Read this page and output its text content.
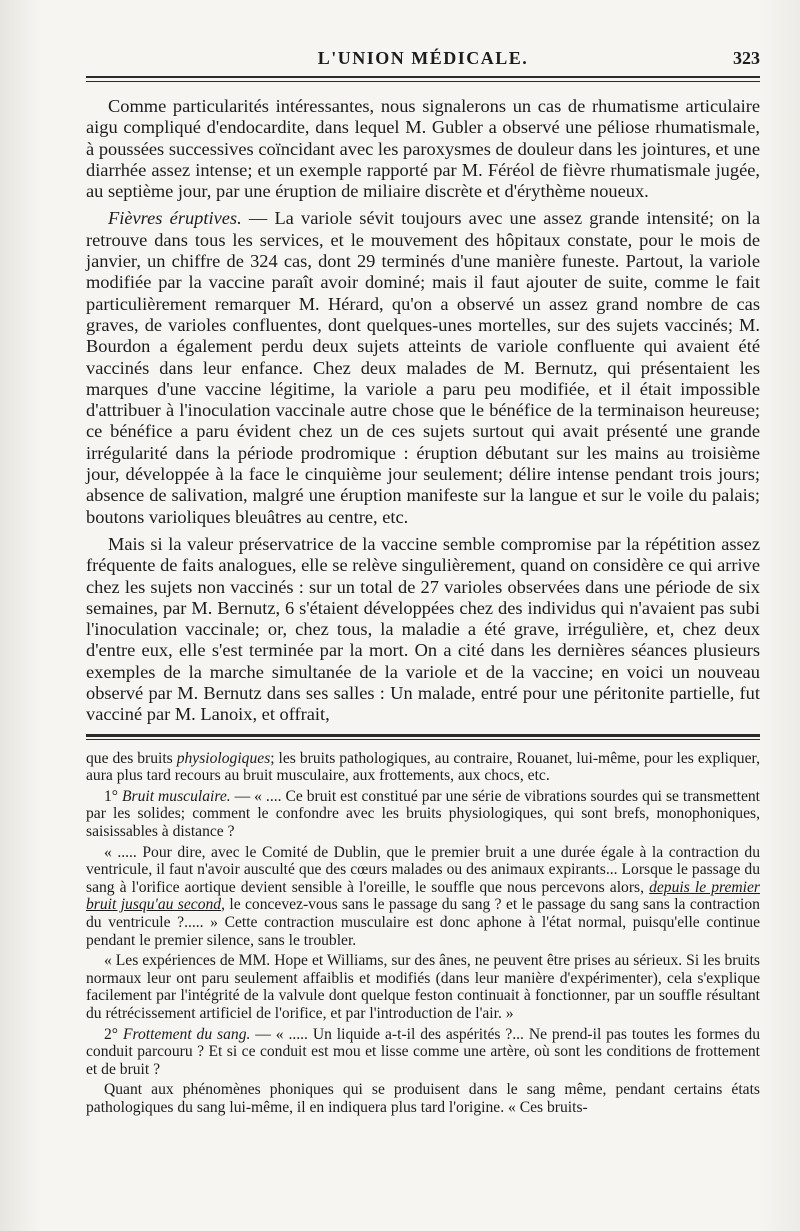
L'UNION MÉDICALE.	323

Comme particularités intéressantes, nous signalerons un cas de rhumatisme articulaire aigu compliqué d'endocardite, dans lequel M. Gubler a observé une péliose rhumatismale, à poussées successives coïncidant avec les paroxysmes de douleur dans les jointures, et une diarrhée assez intense; et un exemple rapporté par M. Féréol de fièvre rhumatismale jugée, au septième jour, par une éruption de miliaire discrète et d'érythème noueux.

Fièvres éruptives. — La variole sévit toujours avec une assez grande intensité; on la retrouve dans tous les services, et le mouvement des hôpitaux constate, pour le mois de janvier, un chiffre de 324 cas, dont 29 terminés d'une manière funeste. Partout, la variole modifiée par la vaccine paraît avoir dominé; mais il faut ajouter de suite, comme le fait particulièrement remarquer M. Hérard, qu'on a observé un assez grand nombre de cas graves, de varioles confluentes, dont quelques-unes mortelles, sur des sujets vaccinés; M. Bourdon a également perdu deux sujets atteints de variole confluente qui avaient été vaccinés dans leur enfance. Chez deux malades de M. Bernutz, qui présentaient les marques d'une vaccine légitime, la variole a paru peu modifiée, et il était impossible d'attribuer à l'inoculation vaccinale autre chose que le bénéfice de la terminaison heureuse; ce bénéfice a paru évident chez un de ces sujets surtout qui avait présenté une grande irrégularité dans la période prodromique : éruption débutant sur les mains au troisième jour, développée à la face le cinquième jour seulement; délire intense pendant trois jours; absence de salivation, malgré une éruption manifeste sur la langue et sur le voile du palais; boutons varioliques bleuâtres au centre, etc.

Mais si la valeur préservatrice de la vaccine semble compromise par la répétition assez fréquente de faits analogues, elle se relève singulièrement, quand on considère ce qui arrive chez les sujets non vaccinés : sur un total de 27 varioles observées dans une période de six semaines, par M. Bernutz, 6 s'étaient développées chez des individus qui n'avaient pas subi l'inoculation vaccinale; or, chez tous, la maladie a été grave, irrégulière, et, chez deux d'entre eux, elle s'est terminée par la mort. On a cité dans les dernières séances plusieurs exemples de la marche simultanée de la variole et de la vaccine; en voici un nouveau observé par M. Bernutz dans ses salles : Un malade, entré pour une péritonite partielle, fut vacciné par M. Lanoix, et offrait,

que des bruits physiologiques; les bruits pathologiques, au contraire, Rouanet, lui-même, pour les expliquer, aura plus tard recours au bruit musculaire, aux frottements, aux chocs, etc.

1° Bruit musculaire. — « .... Ce bruit est constitué par une série de vibrations sourdes qui se transmettent par les solides; comment le confondre avec les bruits physiologiques, qui sont brefs, monophoniques, saisissables à distance ?

« ..... Pour dire, avec le Comité de Dublin, que le premier bruit a une durée égale à la contraction du ventricule, il faut n'avoir ausculté que des cœurs malades ou des animaux expirants... Lorsque le passage du sang à l'orifice aortique devient sensible à l'oreille, le souffle que nous percevons alors, depuis le premier bruit jusqu'au second, le concevez-vous sans le passage du sang ? et le passage du sang sans la contraction du ventricule ?..... » Cette contraction musculaire est donc aphone à l'état normal, puisqu'elle continue pendant le premier silence, sans le troubler.

« Les expériences de MM. Hope et Williams, sur des ânes, ne peuvent être prises au sérieux. Si les bruits normaux leur ont paru seulement affaiblis et modifiés (dans leur manière d'expérimenter), cela s'explique facilement par l'intégrité de la valvule dont quelque feston continuait à fonctionner, par un souffle résultant du rétrécissement artificiel de l'orifice, et par l'introduction de l'air. »

2° Frottement du sang. — « ..... Un liquide a-t-il des aspérités ?... Ne prend-il pas toutes les formes du conduit parcouru ? Et si ce conduit est mou et lisse comme une artère, où sont les conditions de frottement et de bruit ?

Quant aux phénomènes phoniques qui se produisent dans le sang même, pendant certains états pathologiques du sang lui-même, il en indiquera plus tard l'origine. « Ces bruits-
